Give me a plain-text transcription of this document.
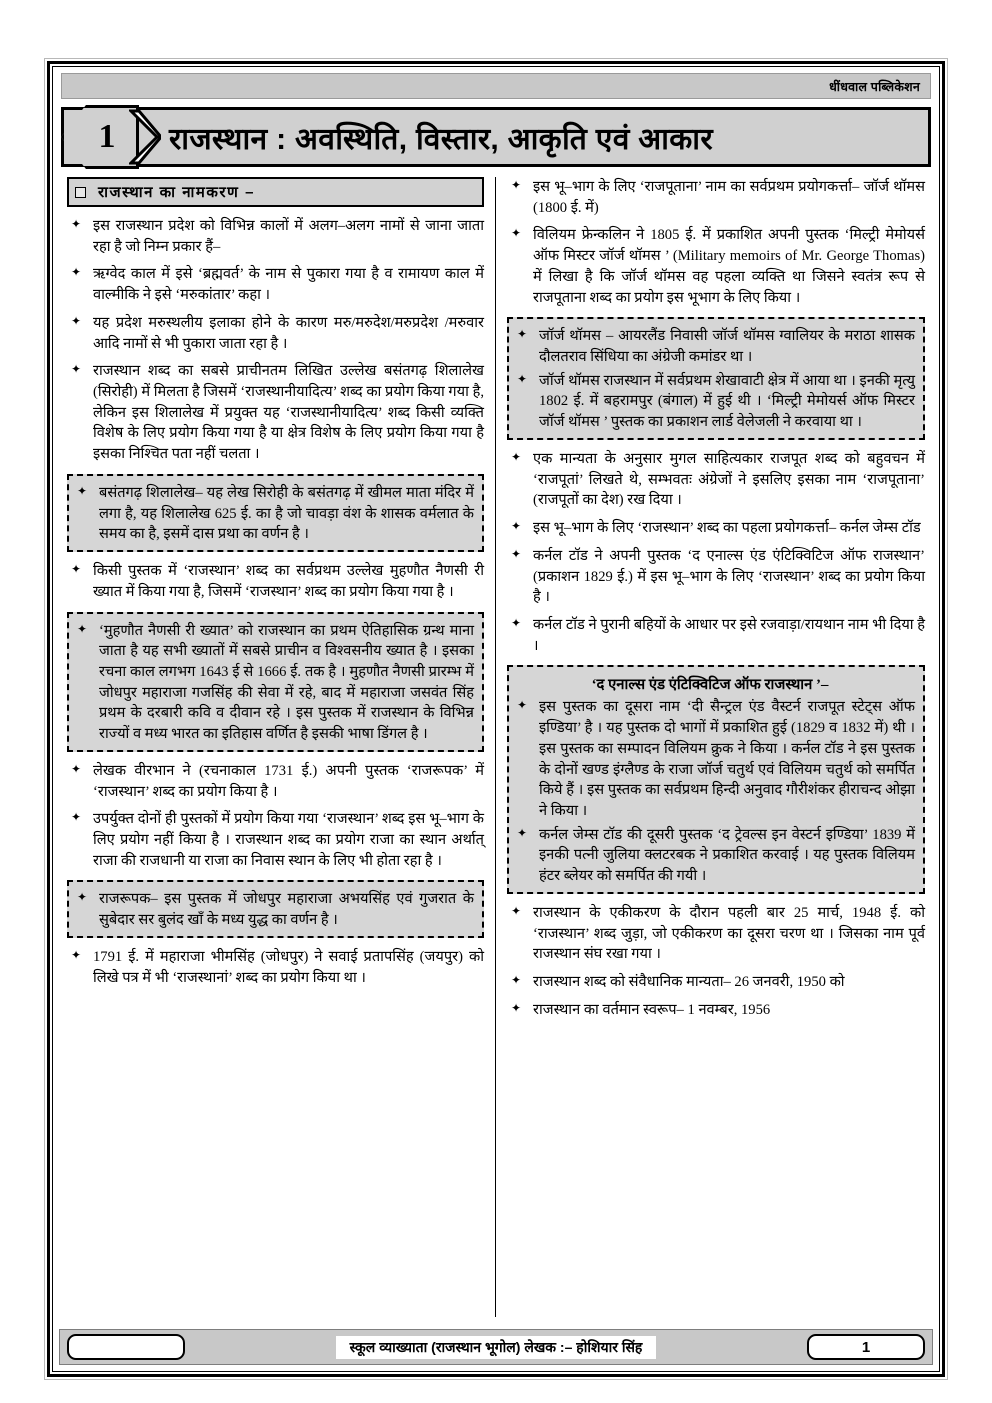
धींधवाल पब्लिकेशन
1	राजस्थान : अवस्थिति, विस्तार, आकृति एवं आकार
राजस्थान का नामकरण –
✦ इस राजस्थान प्रदेश को विभिन्न कालों में अलग–अलग नामों से जाना जाता रहा है जो निम्न प्रकार हैं–
✦ ऋग्वेद काल में इसे ‘ब्रह्मवर्त’ के नाम से पुकारा गया है व रामायण काल में वाल्मीकि ने इसे ‘मरुकांतार’ कहा ।
✦ यह प्रदेश मरुस्थलीय इलाका होने के कारण मरु/मरुदेश/मरुप्रदेश /मरुवार आदि नामों से भी पुकारा जाता रहा है ।
✦ राजस्थान शब्द का सबसे प्राचीनतम लिखित उल्लेख बसंतगढ़ शिलालेख (सिरोही) में मिलता है जिसमें ‘राजस्थानीयादित्य’ शब्द का प्रयोग किया गया है, लेकिन इस शिलालेख में प्रयुक्त यह ‘राजस्थानीयादित्य’ शब्द किसी व्यक्ति विशेष के लिए प्रयोग किया गया है या क्षेत्र विशेष के लिए प्रयोग किया गया है इसका निश्चित पता नहीं चलता ।
✦ बसंतगढ़ शिलालेख– यह लेख सिरोही के बसंतगढ़ में खीमल माता मंदिर में लगा है, यह शिलालेख 625 ई. का है जो चावड़ा वंश के शासक वर्मलात के समय का है, इसमें दास प्रथा का वर्णन है ।
✦ किसी पुस्तक में ‘राजस्थान’ शब्द का सर्वप्रथम उल्लेख मुहणौत नैणसी री ख्यात में किया गया है, जिसमें ‘राजस्थान’ शब्द का प्रयोग किया गया है ।
✦ ‘मुहणौत नैणसी री ख्यात’ को राजस्थान का प्रथम ऐतिहासिक ग्रन्थ माना जाता है यह सभी ख्यातों में सबसे प्राचीन व विश्वसनीय ख्यात है । इसका रचना काल लगभग 1643 ई से 1666 ई. तक है । मुहणौत नैणसी प्रारम्भ में जोधपुर महाराजा गजसिंह की सेवा में रहे, बाद में महाराजा जसवंत सिंह प्रथम के दरबारी कवि व दीवान रहे । इस पुस्तक में राजस्थान के विभिन्न राज्यों व मध्य भारत का इतिहास वर्णित है इसकी भाषा डिंगल है ।
✦ लेखक वीरभान ने (रचनाकाल 1731 ई.) अपनी पुस्तक ‘राजरूपक’ में ‘राजस्थान’ शब्द का प्रयोग किया है ।
✦ उपर्युक्त दोनों ही पुस्तकों में प्रयोग किया गया ‘राजस्थान’ शब्द इस भू–भाग के लिए प्रयोग नहीं किया है । राजस्थान शब्द का प्रयोग राजा का स्थान अर्थात् राजा की राजधानी या राजा का निवास स्थान के लिए भी होता रहा है ।
✦ राजरूपक– इस पुस्तक में जोधपुर महाराजा अभयसिंह एवं गुजरात के सुबेदार सर बुलंद खाँ के मध्य युद्ध का वर्णन है ।
✦ 1791 ई. में महाराजा भीमसिंह (जोधपुर) ने सवाई प्रतापसिंह (जयपुर) को लिखे पत्र में भी ‘राजस्थानां’ शब्द का प्रयोग किया था ।
✦ इस भू–भाग के लिए ‘राजपूताना’ नाम का सर्वप्रथम प्रयोगकर्त्ता– जॉर्ज थॉमस (1800 ई. में)
✦ विलियम फ्रेन्कलिन ने 1805 ई. में प्रकाशित अपनी पुस्तक ‘मिल्ट्री मेमोयर्स ऑफ मिस्टर जॉर्ज थॉमस ’ (Military memoirs of Mr. George Thomas) में लिखा है कि जॉर्ज थॉमस वह पहला व्यक्ति था जिसने स्वतंत्र रूप से राजपूताना शब्द का प्रयोग इस भूभाग के लिए किया ।
✦ जॉर्ज थॉमस – आयरलैंड निवासी जॉर्ज थॉमस ग्वालियर के मराठा शासक दौलतराव सिंधिया का अंग्रेजी कमांडर था ।
✦ जॉर्ज थॉमस राजस्थान में सर्वप्रथम शेखावाटी क्षेत्र में आया था । इनकी मृत्यु 1802 ई. में बहरामपुर (बंगाल) में हुई थी । ‘मिल्ट्री मेमोयर्स ऑफ मिस्टर जॉर्ज थॉमस ’ पुस्तक का प्रकाशन लार्ड वेलेजली ने करवाया था ।
✦ एक मान्यता के अनुसार मुगल साहित्यकार राजपूत शब्द को बहुवचन में ‘राजपूतां’ लिखते थे, सम्भवतः अंग्रेजों ने इसलिए इसका नाम ‘राजपूताना’ (राजपूतों का देश) रख दिया ।
✦ इस भू–भाग के लिए ‘राजस्थान’ शब्द का पहला प्रयोगकर्त्ता– कर्नल जेम्स टॉड
✦ कर्नल टॉड ने अपनी पुस्तक ‘द एनाल्स एंड एंटिक्विटिज ऑफ राजस्थान’ (प्रकाशन 1829 ई.) में इस भू–भाग के लिए ‘राजस्थान’ शब्द का प्रयोग किया है ।
✦ कर्नल टॉड ने पुरानी बहियों के आधार पर इसे रजवाड़ा/रायथान नाम भी दिया है ।
‘द एनाल्स एंड एंटिक्विटिज ऑफ राजस्थान ’–
✦ इस पुस्तक का दूसरा नाम ‘दी सैन्ट्रल एंड वैस्टर्न राजपूत स्टेट्स ऑफ इण्डिया’ है । यह पुस्तक दो भागों में प्रकाशित हुई (1829 व 1832 में) थी । इस पुस्तक का सम्पादन विलियम क्रुक ने किया । कर्नल टॉड ने इस पुस्तक के दोनों खण्ड इंग्लैण्ड के राजा जॉर्ज चतुर्थ एवं विलियम चतुर्थ को समर्पित किये हैं । इस पुस्तक का सर्वप्रथम हिन्दी अनुवाद गौरीशंकर हीराचन्द ओझा ने किया ।
✦ कर्नल जेम्स टॉड की दूसरी पुस्तक ‘द ट्रेवल्स इन वेस्टर्न इण्डिया’ 1839 में इनकी पत्नी जुलिया क्लटरबक ने प्रकाशित करवाई । यह पुस्तक विलियम हंटर ब्लेयर को समर्पित की गयी ।
✦ राजस्थान के एकीकरण के दौरान पहली बार 25 मार्च, 1948 ई. को ‘राजस्थान’ शब्द जुड़ा, जो एकीकरण का दूसरा चरण था । जिसका नाम पूर्व राजस्थान संघ रखा गया ।
✦ राजस्थान शब्द को संवैधानिक मान्यता– 26 जनवरी, 1950 को
✦ राजस्थान का वर्तमान स्वरूप– 1 नवम्बर, 1956
स्कूल व्याख्याता (राजस्थान भूगोल) लेखक :– होशियार सिंह	1
